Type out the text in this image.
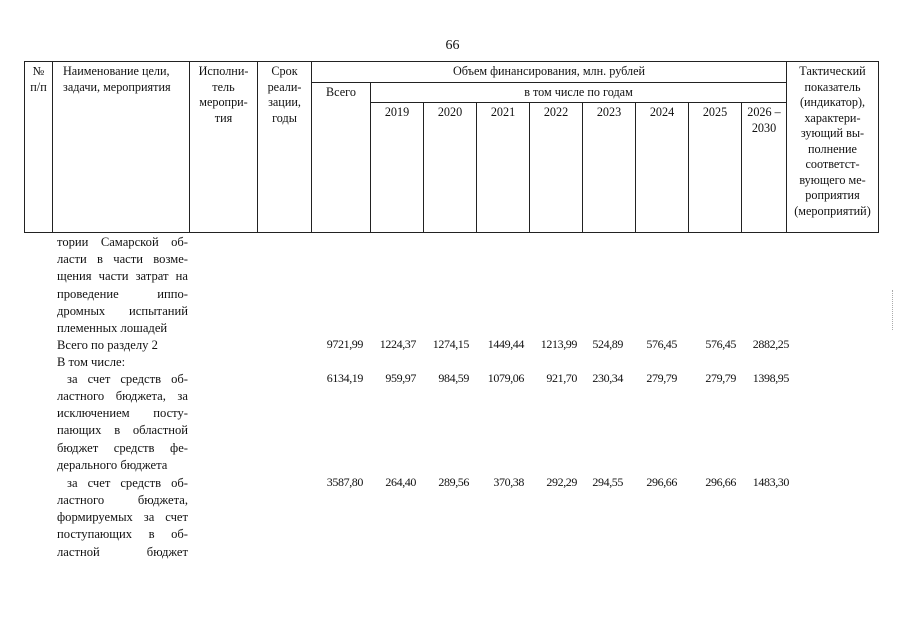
66
№ п/п	Наименование цели, задачи, мероприятия	Исполни-тель меропри-тия	Срок реали-зации, годы	Объем финансирования, млн. рублей									Тактический показатель (индикатор), характери-зующий вы-полнение соответст-вующего ме-роприятия (мероприятий)
				Всего	в том числе по годам								
					2019	2020	2021	2022	2023	2024	2025	2026 – 2030	
тории Самарской об-
ласти в части возме-
щения части затрат на
проведение      иппо-
дромных испытаний
племенных лошадей
Всего по разделу 2	9721,99	1224,37	1274,15	1449,44	1213,99	524,89	576,45	576,45	2882,25
В том числе:
за счет средств об-
ластного бюджета, за
исключением посту-
пающих в областной
бюджет средств фе-
дерального бюджета
6134,19	959,97	984,59	1079,06	921,70	230,34	279,79	279,79	1398,95
за счет средств об-
ластного бюджета,
формируемых за счет
поступающих в об-
ластной бюджет
3587,80	264,40	289,56	370,38	292,29	294,55	296,66	296,66	1483,30
